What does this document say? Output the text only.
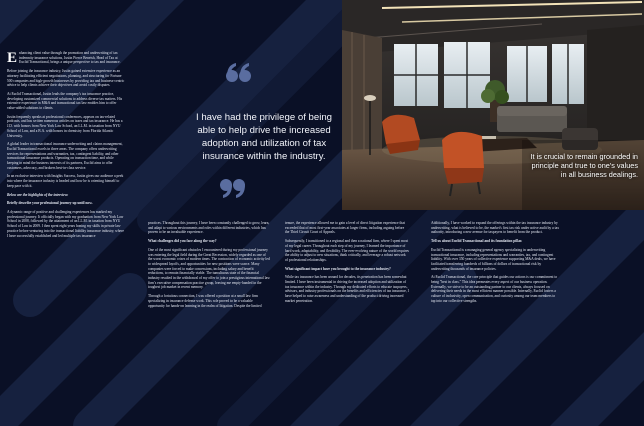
Enhancing client value through the promotion and underwriting of tax indemnity insurance solutions, Justin Pierce Beneish, Head of Tax at Euclid Transactional, brings a unique perspective to tax and insurance.

Before joining the insurance industry, Justin gained extensive experience as an attorney facilitating efficient negotiations, planning, and structuring for Fortune 500 companies and high-growth businesses by providing tax and business-centric advice to help clients achieve their objectives and avoid costly disputes.

At Euclid Transactional, Justin leads the company's tax insurance practice, developing customized commercial solutions to address diverse tax matters. His extensive experience in M&A and transactional tax law enables him to offer value-added solutions to clients.

Justin frequently speaks at professional conferences, appears on tax-related podcasts, and has written numerous articles on taxes and tax insurance. He has a J.D. with honors from New York Law School, an LL.M. in taxation from NYU School of Law, and a B.A. with honors in chemistry from Florida Atlantic University.

A global leader in transactional insurance underwriting and claims management, Euclid Transactional excels in three areas. The company offers underwriting services for representations and warranties, tax, contingent liability, and other transactional insurance products. Operating on transaction time, and while keeping in mind the business interests of its partners, Euclid aims to offer customers, advocacy, and brokers best-in-class service.

In an exclusive interview with Insights Success, Justin gives our audience a peek into where the insurance industry is headed and how he is orienting himself to keep pace with it.

Below are the highlights of the interview:

Briefly describe your professional journey up until now.

A dynamic range of positive and challenging experiences has marked my professional journey. It officially began with my graduation from New York Law School in 2008, followed by the attainment of an LL.M. in taxation from NYU School of Law in 2009. I then spent eight years honing my skills in private law practice before venturing into the transactional liability insurance industry, where I have successfully established and led multiple tax insurance

I have had the privilege of being able to help drive the increased adoption and utilization of tax insurance within the industry.	It is crucial to remain grounded in principle and true to one's values in all business dealings.

practices. Throughout this journey, I have been constantly challenged to grow, learn, and adapt to various environments and roles within different industries, which has proven to be an invaluable experience.

What challenges did you face along the way?

One of the most significant obstacles I encountered during my professional journey was entering the legal field during the Great Recession, widely regarded as one of the worst economic crises of modern times. The contraction of economic activity led to widespread layoffs, and opportunities for new positions were scarce. Many companies were forced to make concessions, including salary and benefit reductions, to remain financially viable. The tumultuous state of the financial industry resulted in the withdrawal of my offer to join a prestigious international law firm's executive compensation practice group, leaving me empty-handed in the toughest job market in recent memory.

Through a fortuitous connection, I was offered a position at a small law firm specializing in insurance defense work. This role proved to be a valuable opportunity for hands-on learning in the realm of litigation. Despite the limited

tenure, the experience allowed me to gain a level of direct litigation experience that exceeded that of most first-year associates at larger firms, including arguing before the Third Circuit Court of Appeals.

Subsequently, I transitioned to a regional and then a national firm, where I spent most of my legal career. Throughout each step of my journey, I learned the importance of hard work, adaptability, and flexibility. The ever-evolving nature of the world requires the ability to adjust to new situations, think critically, and leverage a robust network of professional relationships.

What significant impact have you brought to the insurance industry?

While tax insurance has been around for decades, its penetration has been somewhat limited. I have been instrumental in driving the increased adoption and utilization of tax insurance within the industry. Through my dedicated efforts to educate taxpayers, advisors, and industry professionals on the benefits and efficiencies of tax insurance, I have helped to raise awareness and understanding of the product driving increased market penetration.

Additionally, I have worked to expand the offerings within the tax insurance industry by underwriting, what is believed to be, the market's first tax risk under active audit by a tax authority, introducing a new avenue for taxpayers to benefit from the product.

Tell us about Euclid Transactional and its foundation pillar.

Euclid Transactional is a managing general agency specializing in underwriting transactional insurance, including representations and warranties, tax, and contingent liability. With over 350 years of collective experience supporting M&A deals, we have facilitated transferring hundreds of billions of dollars of transactional risk by underwriting thousands of insurance policies.

At Euclid Transactional, the core principle that guides our actions is our commitment to being "best in class." This idea permeates every aspect of our business operation. Externally, we strive to be an outstanding partner to our clients, always focused on delivering their needs in the most efficient manner possible. Internally, Euclid fosters a culture of inclusivity, open communication, and curiosity among our team members to tap into our collective strengths.
